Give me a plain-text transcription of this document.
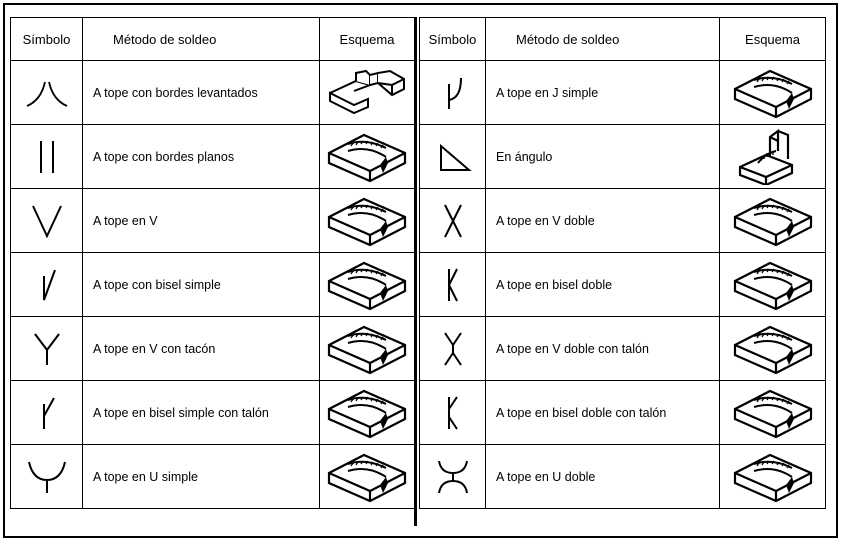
Símbolo	Método de soldeo	Esquema

	A tope con bordes levantados	

	A tope con bordes planos	

	A tope en V	

	A tope con bisel simple	

	A tope en V con tacón	

	A tope en bisel simple con talón	

	A tope en U simple	
Símbolo	Método de soldeo	Esquema

	A tope en J simple	

	En ángulo	

	A tope en V doble	

	A tope en bisel doble	

	A tope en V doble con talón	

	A tope en bisel doble con talón	

	A tope en U doble	
